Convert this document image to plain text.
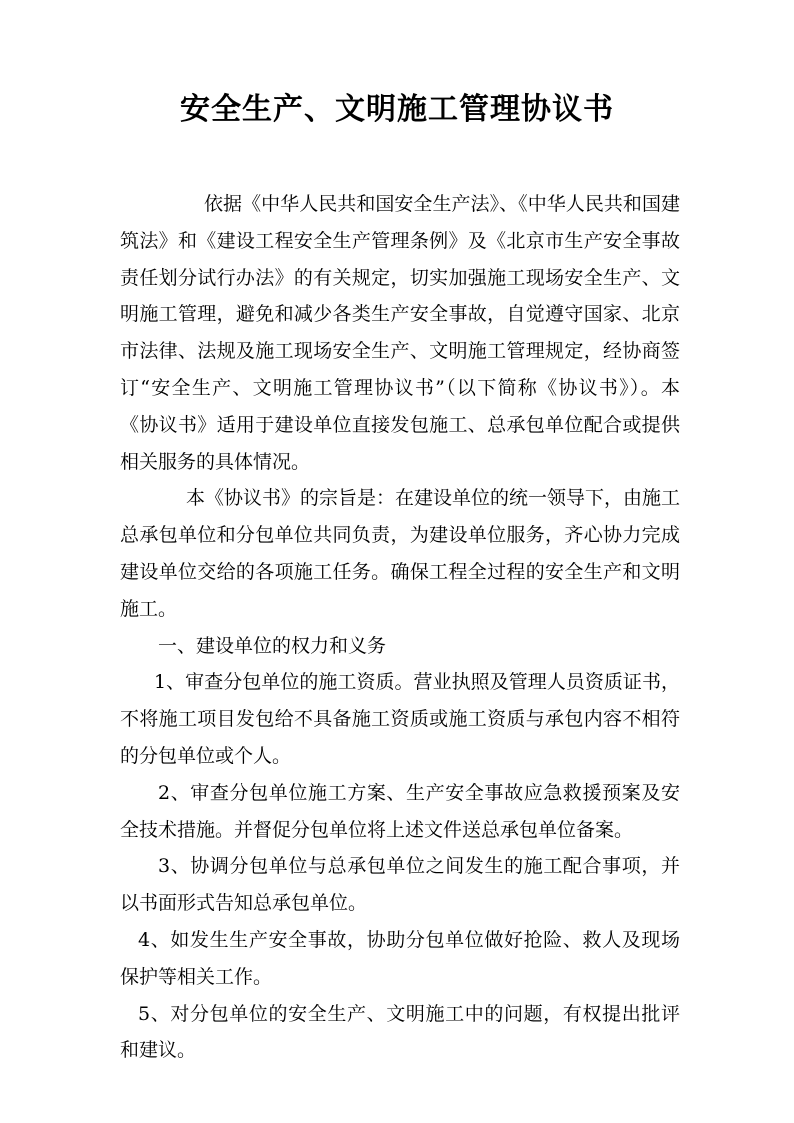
安全生产、文明施工管理协议书

依据《中华人民共和国安全生产法》、《中华人民共和国建筑法》和《建设工程安全生产管理条例》及《北京市生产安全事故责任划分试行办法》的有关规定，切实加强施工现场安全生产、文明施工管理，避免和减少各类生产安全事故，自觉遵守国家、北京市法律、法规及施工现场安全生产、文明施工管理规定，经协商签订“安全生产、文明施工管理协议书”（以下简称《协议书》）。本《协议书》适用于建设单位直接发包施工、总承包单位配合或提供相关服务的具体情况。

本《协议书》的宗旨是：在建设单位的统一领导下，由施工总承包单位和分包单位共同负责，为建设单位服务，齐心协力完成建设单位交给的各项施工任务。确保工程全过程的安全生产和文明施工。

一、建设单位的权力和义务

1、审查分包单位的施工资质。营业执照及管理人员资质证书，不将施工项目发包给不具备施工资质或施工资质与承包内容不相符的分包单位或个人。

2、审查分包单位施工方案、生产安全事故应急救援预案及安全技术措施。并督促分包单位将上述文件送总承包单位备案。

3、协调分包单位与总承包单位之间发生的施工配合事项，并以书面形式告知总承包单位。

4、如发生生产安全事故，协助分包单位做好抢险、救人及现场保护等相关工作。

5、对分包单位的安全生产、文明施工中的问题，有权提出批评和建议。
